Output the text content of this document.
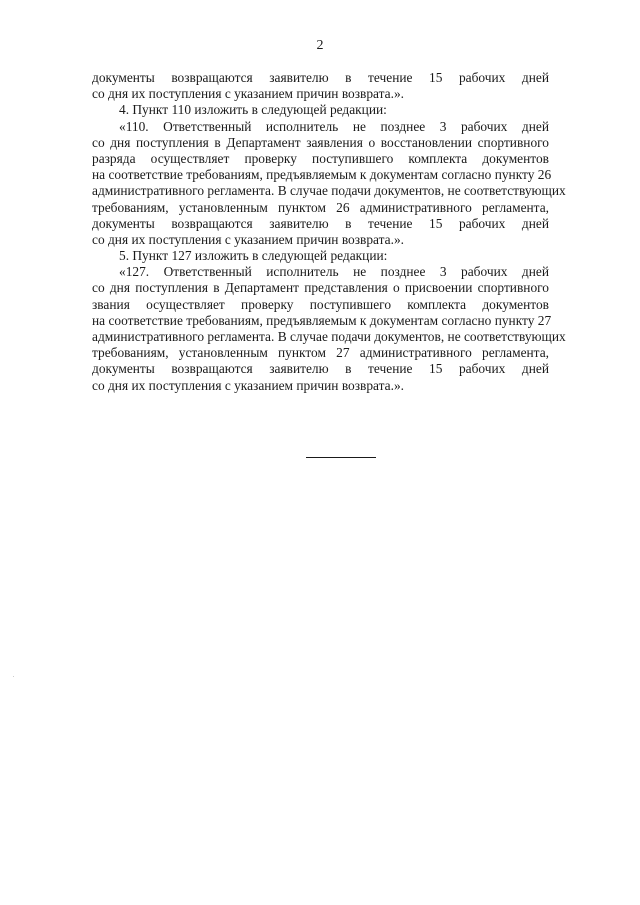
2
документы возвращаются заявителю в течение 15 рабочих дней
со дня их поступления с указанием причин возврата.».
4. Пункт 110 изложить в следующей редакции:
«110. Ответственный исполнитель не позднее 3 рабочих дней
со дня поступления в Департамент заявления о восстановлении спортивного
разряда осуществляет проверку поступившего комплекта документов
на соответствие требованиям, предъявляемым к документам согласно пункту 26
административного регламента. В случае подачи документов, не соответствующих
требованиям, установленным пунктом 26 административного регламента,
документы возвращаются заявителю в течение 15 рабочих дней
со дня их поступления с указанием причин возврата.».
5. Пункт 127 изложить в следующей редакции:
«127. Ответственный исполнитель не позднее 3 рабочих дней
со дня поступления в Департамент представления о присвоении спортивного
звания осуществляет проверку поступившего комплекта документов
на соответствие требованиям, предъявляемым к документам согласно пункту 27
административного регламента. В случае подачи документов, не соответствующих
требованиям, установленным пунктом 27 административного регламента,
документы возвращаются заявителю в течение 15 рабочих дней
со дня их поступления с указанием причин возврата.».
